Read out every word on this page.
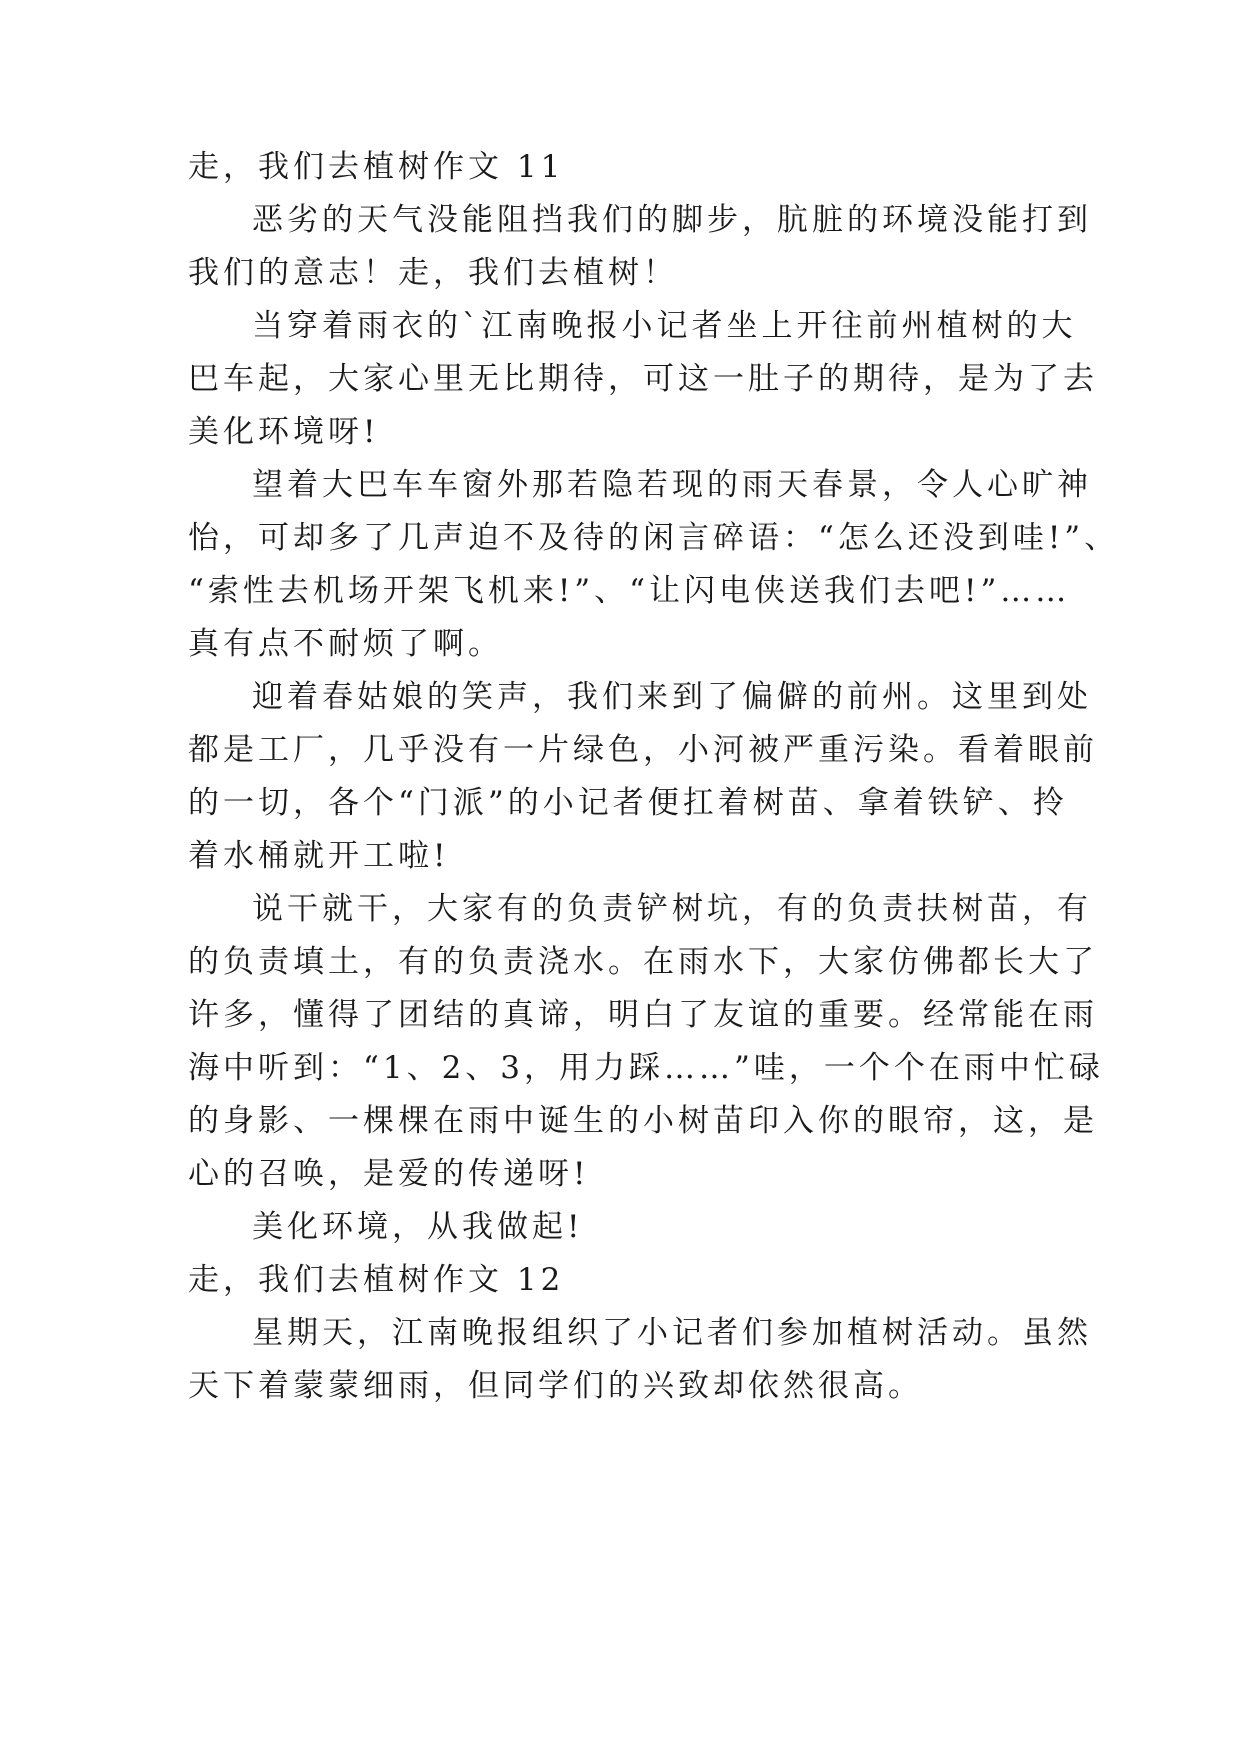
走，我们去植树作文 11
恶劣的天气没能阻挡我们的脚步，肮脏的环境没能打到
我们的意志！走，我们去植树！
当穿着雨衣的`江南晚报小记者坐上开往前州植树的大
巴车起，大家心里无比期待，可这一肚子的期待，是为了去
美化环境呀!
望着大巴车车窗外那若隐若现的雨天春景，令人心旷神
怡，可却多了几声迫不及待的闲言碎语：“怎么还没到哇!”、
“索性去机场开架飞机来!”、“让闪电侠送我们去吧!”……
真有点不耐烦了啊。
迎着春姑娘的笑声，我们来到了偏僻的前州。这里到处
都是工厂，几乎没有一片绿色，小河被严重污染。看着眼前
的一切，各个“门派”的小记者便扛着树苗、拿着铁铲、拎
着水桶就开工啦!
说干就干，大家有的负责铲树坑，有的负责扶树苗，有
的负责填土，有的负责浇水。在雨水下，大家仿佛都长大了
许多，懂得了团结的真谛，明白了友谊的重要。经常能在雨
海中听到：“1、2、3，用力踩……”哇，一个个在雨中忙碌
的身影、一棵棵在雨中诞生的小树苗印入你的眼帘，这，是
心的召唤，是爱的传递呀!
美化环境，从我做起!
走，我们去植树作文 12
星期天，江南晚报组织了小记者们参加植树活动。虽然
天下着蒙蒙细雨，但同学们的兴致却依然很高。
